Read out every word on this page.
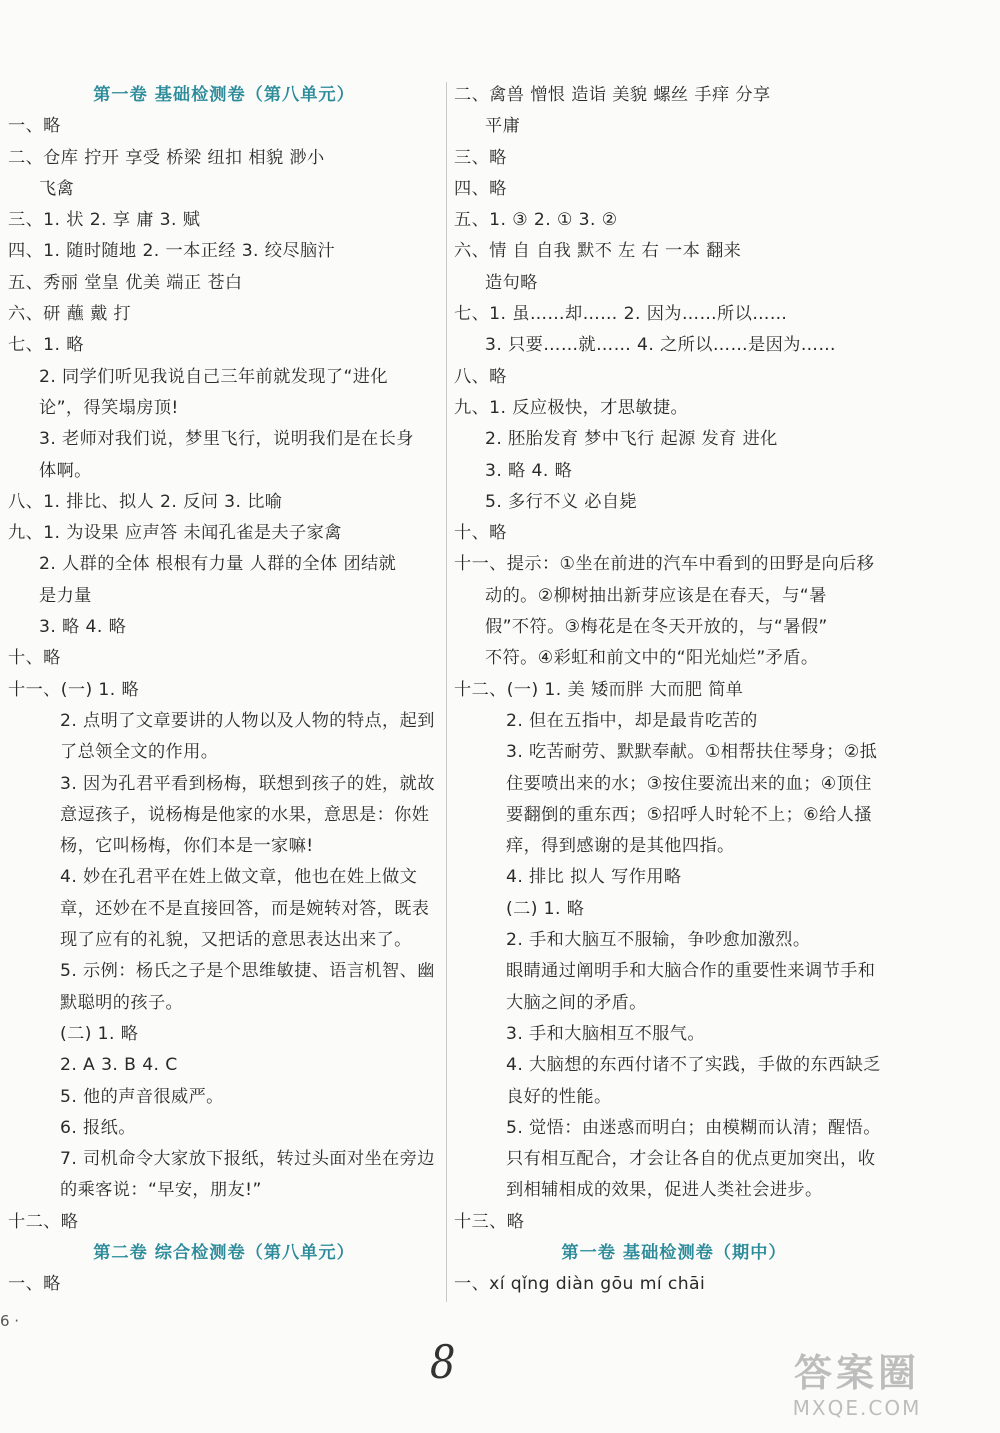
第一卷 基础检测卷（第八单元）
一、略
二、仓库 拧开 享受 桥梁 纽扣 相貌 渺小
飞禽
三、1. 状 2. 享 庸 3. 赋
四、1. 随时随地 2. 一本正经 3. 绞尽脑汁
五、秀丽 堂皇 优美 端正 苍白
六、研 蘸 戴 打
七、1. 略
2. 同学们听见我说自己三年前就发现了“进化
论”，得笑塌房顶!
3. 老师对我们说，梦里飞行，说明我们是在长身
体啊。
八、1. 排比、拟人 2. 反问 3. 比喻
九、1. 为设果 应声答 未闻孔雀是夫子家禽
2. 人群的全体 根根有力量 人群的全体 团结就
是力量
3. 略 4. 略
十、略
十一、(一) 1. 略
2. 点明了文章要讲的人物以及人物的特点，起到
了总领全文的作用。
3. 因为孔君平看到杨梅，联想到孩子的姓，就故
意逗孩子，说杨梅是他家的水果，意思是：你姓
杨，它叫杨梅，你们本是一家嘛!
4. 妙在孔君平在姓上做文章，他也在姓上做文
章，还妙在不是直接回答，而是婉转对答，既表
现了应有的礼貌，又把话的意思表达出来了。
5. 示例：杨氏之子是个思维敏捷、语言机智、幽
默聪明的孩子。
(二) 1. 略
2. A 3. B 4. C
5. 他的声音很威严。
6. 报纸。
7. 司机命令大家放下报纸，转过头面对坐在旁边
的乘客说：“早安，朋友!”
十二、略
第二卷 综合检测卷（第八单元）
一、略
二、禽兽 憎恨 造诣 美貌 螺丝 手痒 分享
平庸
三、略
四、略
五、1. ③ 2. ① 3. ②
六、情 自 自我 默不 左 右 一本 翻来
造句略
七、1. 虽……却…… 2. 因为……所以……
3. 只要……就…… 4. 之所以……是因为……
八、略
九、1. 反应极快，才思敏捷。
2. 胚胎发育 梦中飞行 起源 发育 进化
3. 略 4. 略
5. 多行不义 必自毙
十、略
十一、提示：①坐在前进的汽车中看到的田野是向后移
动的。②柳树抽出新芽应该是在春天，与“暑
假”不符。③梅花是在冬天开放的，与“暑假”
不符。④彩虹和前文中的“阳光灿烂”矛盾。
十二、(一) 1. 美 矮而胖 大而肥 简单
2. 但在五指中，却是最肯吃苦的
3. 吃苦耐劳、默默奉献。①相帮扶住琴身；②抵
住要喷出来的水；③按住要流出来的血；④顶住
要翻倒的重东西；⑤招呼人时轮不上；⑥给人搔
痒，得到感谢的是其他四指。
4. 排比 拟人 写作用略
(二) 1. 略
2. 手和大脑互不服输，争吵愈加激烈。
眼睛通过阐明手和大脑合作的重要性来调节手和
大脑之间的矛盾。
3. 手和大脑相互不服气。
4. 大脑想的东西付诸不了实践，手做的东西缺乏
良好的性能。
5. 觉悟：由迷惑而明白；由模糊而认清；醒悟。
只有相互配合，才会让各自的优点更加突出，收
到相辅相成的效果，促进人类社会进步。
十三、略
第一卷 基础检测卷（期中）
一、xí qǐng diàn gōu mí chāi
6 ·
8	答案圈
MXQE.COM
